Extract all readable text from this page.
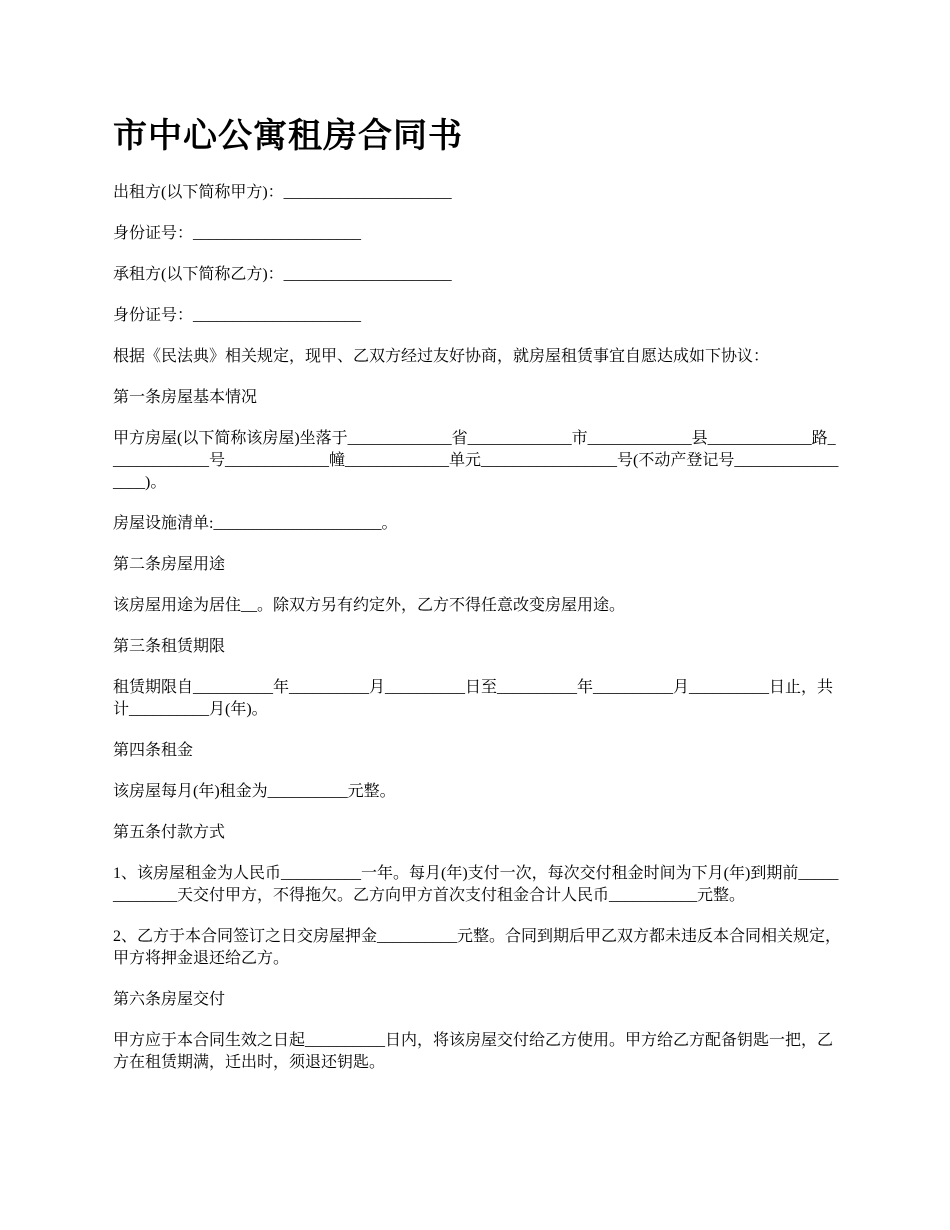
市中心公寓租房合同书

出租方(以下简称甲方)：_____________________

身份证号：_____________________

承租方(以下简称乙方)：_____________________

身份证号：_____________________

根据《民法典》相关规定，现甲、乙双方经过友好协商，就房屋租赁事宜自愿达成如下协议：

第一条房屋基本情况

甲方房屋(以下简称该房屋)坐落于_____________省_____________市_____________县_____________路_____________号_____________幢_____________单元_________________号(不动产登记号_________________)。

房屋设施清单:_____________________。

第二条房屋用途

该房屋用途为居住__。除双方另有约定外，乙方不得任意改变房屋用途。

第三条租赁期限

租赁期限自__________年__________月__________日至__________年__________月__________日止，共计__________月(年)。

第四条租金

该房屋每月(年)租金为__________元整。

第五条付款方式

1、该房屋租金为人民币__________一年。每月(年)支付一次，每次交付租金时间为下月(年)到期前_____________天交付甲方，不得拖欠。乙方向甲方首次支付租金合计人民币___________元整。

2、乙方于本合同签订之日交房屋押金__________元整。合同到期后甲乙双方都未违反本合同相关规定，甲方将押金退还给乙方。

第六条房屋交付

甲方应于本合同生效之日起__________日内，将该房屋交付给乙方使用。甲方给乙方配备钥匙一把，乙方在租赁期满，迁出时，须退还钥匙。
